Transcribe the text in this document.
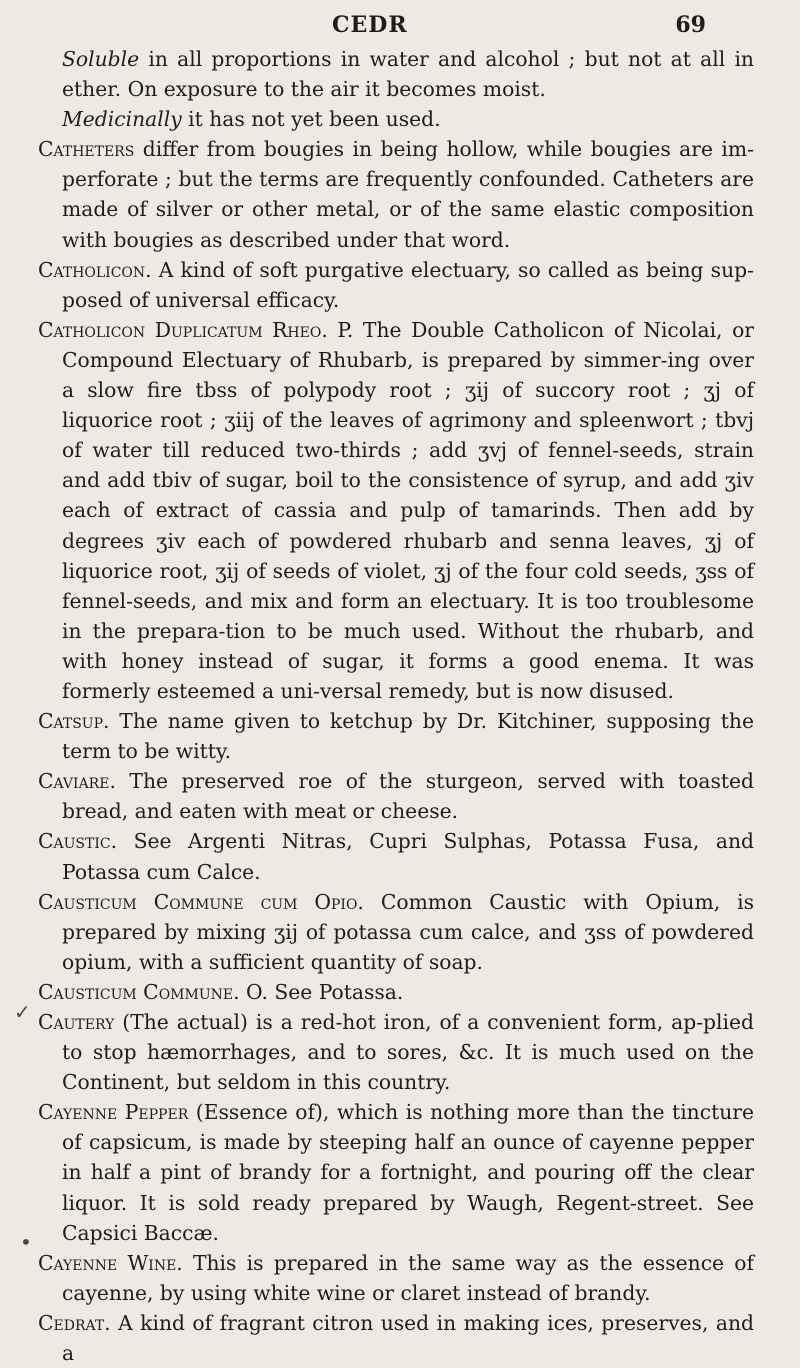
CEDR	69

Soluble in all proportions in water and alcohol ; but not at all in ether. On exposure to the air it becomes moist.

Medicinally it has not yet been used.

Catheters differ from bougies in being hollow, while bougies are im-perforate ; but the terms are frequently confounded. Catheters are made of silver or other metal, or of the same elastic composition with bougies as described under that word.

Catholicon. A kind of soft purgative electuary, so called as being sup-posed of universal efficacy.

Catholicon Duplicatum Rheo. P. The Double Catholicon of Nicolai, or Compound Electuary of Rhubarb, is prepared by simmer-ing over a slow fire tbss of polypody root ; ʒij of succory root ; ʒj of liquorice root ; ʒiij of the leaves of agrimony and spleenwort ; tbvj of water till reduced two-thirds ; add ʒvj of fennel-seeds, strain and add tbiv of sugar, boil to the consistence of syrup, and add ʒiv each of extract of cassia and pulp of tamarinds. Then add by degrees ʒiv each of powdered rhubarb and senna leaves, ʒj of liquorice root, ʒij of seeds of violet, ʒj of the four cold seeds, ʒss of fennel-seeds, and mix and form an electuary. It is too troublesome in the prepara-tion to be much used. Without the rhubarb, and with honey instead of sugar, it forms a good enema. It was formerly esteemed a uni-versal remedy, but is now disused.

Catsup. The name given to ketchup by Dr. Kitchiner, supposing the term to be witty.

Caviare. The preserved roe of the sturgeon, served with toasted bread, and eaten with meat or cheese.

Caustic. See Argenti Nitras, Cupri Sulphas, Potassa Fusa, and Potassa cum Calce.

Causticum Commune cum Opio. Common Caustic with Opium, is prepared by mixing ʒij of potassa cum calce, and ʒss of powdered opium, with a sufficient quantity of soap.

Causticum Commune. O. See Potassa.

Cautery (The actual) is a red-hot iron, of a convenient form, ap-plied to stop hæmorrhages, and to sores, &c. It is much used on the Continent, but seldom in this country.

Cayenne Pepper (Essence of), which is nothing more than the tincture of capsicum, is made by steeping half an ounce of cayenne pepper in half a pint of brandy for a fortnight, and pouring off the clear liquor. It is sold ready prepared by Waugh, Regent-street. See Capsici Baccæ.

Cayenne Wine. This is prepared in the same way as the essence of cayenne, by using white wine or claret instead of brandy.

Cedrat. A kind of fragrant citron used in making ices, preserves, and a

✓
•
